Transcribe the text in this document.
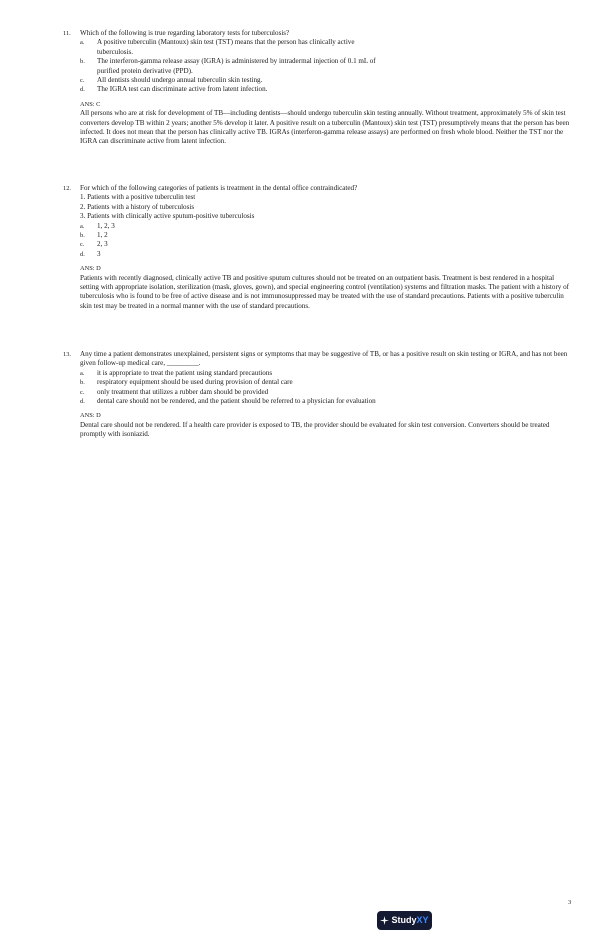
11.	Which of the following is true regarding laboratory tests for tuberculosis?
a.	A positive tuberculin (Mantoux) skin test (TST) means that the person has clinically active tuberculosis.
b.	The interferon-gamma release assay (IGRA) is administered by intradermal injection of 0.1 mL of purified protein derivative (PPD).
c.	All dentists should undergo annual tuberculin skin testing.
d.	The IGRA test can discriminate active from latent infection.
ANS: C
All persons who are at risk for development of TB—including dentists—should undergo tuberculin skin testing annually. Without treatment, approximately 5% of skin test converters develop TB within 2 years; another 5% develop it later. A positive result on a tuberculin (Mantoux) skin test (TST) presumptively means that the person has been infected. It does not mean that the person has clinically active TB. IGRAs (interferon-gamma release assays) are performed on fresh whole blood. Neither the TST nor the IGRA can discriminate active from latent infection.
12.	For which of the following categories of patients is treatment in the dental office contraindicated?
1. Patients with a positive tuberculin test
2. Patients with a history of tuberculosis
3. Patients with clinically active sputum-positive tuberculosis
a.	1, 2, 3
b.	1, 2
c.	2, 3
d.	3
ANS: D
Patients with recently diagnosed, clinically active TB and positive sputum cultures should not be treated on an outpatient basis. Treatment is best rendered in a hospital setting with appropriate isolation, sterilization (mask, gloves, gown), and special engineering control (ventilation) systems and filtration masks. The patient with a history of tuberculosis who is found to be free of active disease and is not immunosuppressed may be treated with the use of standard precautions. Patients with a positive tuberculin skin test may be treated in a normal manner with the use of standard precautions.
13.	Any time a patient demonstrates unexplained, persistent signs or symptoms that may be suggestive of TB, or has a positive result on skin testing or IGRA, and has not been given follow-up medical care, _________.
a.	it is appropriate to treat the patient using standard precautions
b.	respiratory equipment should be used during provision of dental care
c.	only treatment that utilizes a rubber dam should be provided
d.	dental care should not be rendered, and the patient should be referred to a physician for evaluation
ANS: D
Dental care should not be rendered. If a health care provider is exposed to TB, the provider should be evaluated for skin test conversion. Converters should be treated promptly with isoniazid.
3
StudyXY
